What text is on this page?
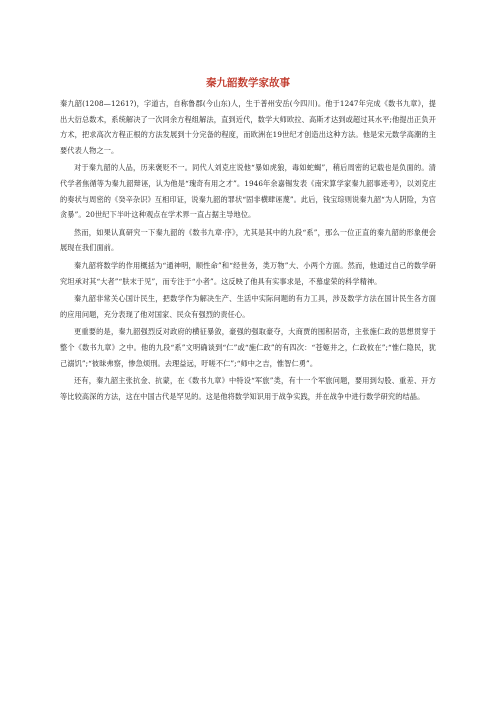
秦九韶数学家故事

秦九韶(1208—1261?)，字道古，自称鲁郡(今山东)人，生于普州安岳(今四川)。他于1247年完成《数书九章》，提出大衍总数术，系统解决了一次同余方程组解法，直到近代，数学大师欧拉、高斯才达到或超过其水平;他提出正负开方术，把求高次方程正根的方法发展到十分完备的程度，而欧洲在19世纪才创造出这种方法。他是宋元数学高潮的主要代表人物之一。

对于秦九韶的人品，历来褒贬不一。同代人刘克庄说他“暴如虎狼，毒如蛇蝎”，稍后周密的记载也是负面的。清代学者焦循等为秦九韶辩诬，认为他是“瑰奇有用之才”。1946年余嘉锡发表《南宋算学家秦九韶事迹考》，以刘克庄的奏状与周密的《癸辛杂识》互相印证，说秦九韶的罪状“固非横肆诬蔑”。此后，钱宝琮则说秦九韶“为人阴险，为官贪暴”。20世纪下半叶这种观点在学术界一直占据主导地位。

然而，如果认真研究一下秦九韶的《数书九章·序》，尤其是其中的九段“系”，那么一位正直的秦九韶的形象便会展现在我们面前。

秦九韶将数学的作用概括为“通神明，顺性命”和“经世务，类万物”大、小两个方面。然而，他通过自己的数学研究坦承对其“大者”“肤末于见”，而专注于“小者”。这反映了他具有实事求是，不慕虚荣的科学精神。

秦九韶非常关心国计民生，把数学作为解决生产、生活中实际问题的有力工具，涉及数学方法在国计民生各方面的应用问题，充分表现了他对国家、民众有强烈的责任心。

更重要的是，秦九韶强烈反对政府的横征暴敛，豪强的强取豪夺，大商贾的囤积居奇，主张施仁政的思想贯穿于整个《数书九章》之中。他的九段“系”文明确谈到“仁”或“施仁政”的有四次：“苍姬井之，仁政攸在”;“惟仁隐民，犹己溺饥”;“彼昧弗察，惨急烦刑。去理益远，吁嗟不仁”;“师中之吉，惟智仁勇”。

还有，秦九韶主张抗金、抗蒙，在《数书九章》中特设“军旅”类，有十一个军旅问题，要用到勾股、重差、开方等比较高深的方法，这在中国古代是罕见的。这是他将数学知识用于战争实践，并在战争中进行数学研究的结晶。
